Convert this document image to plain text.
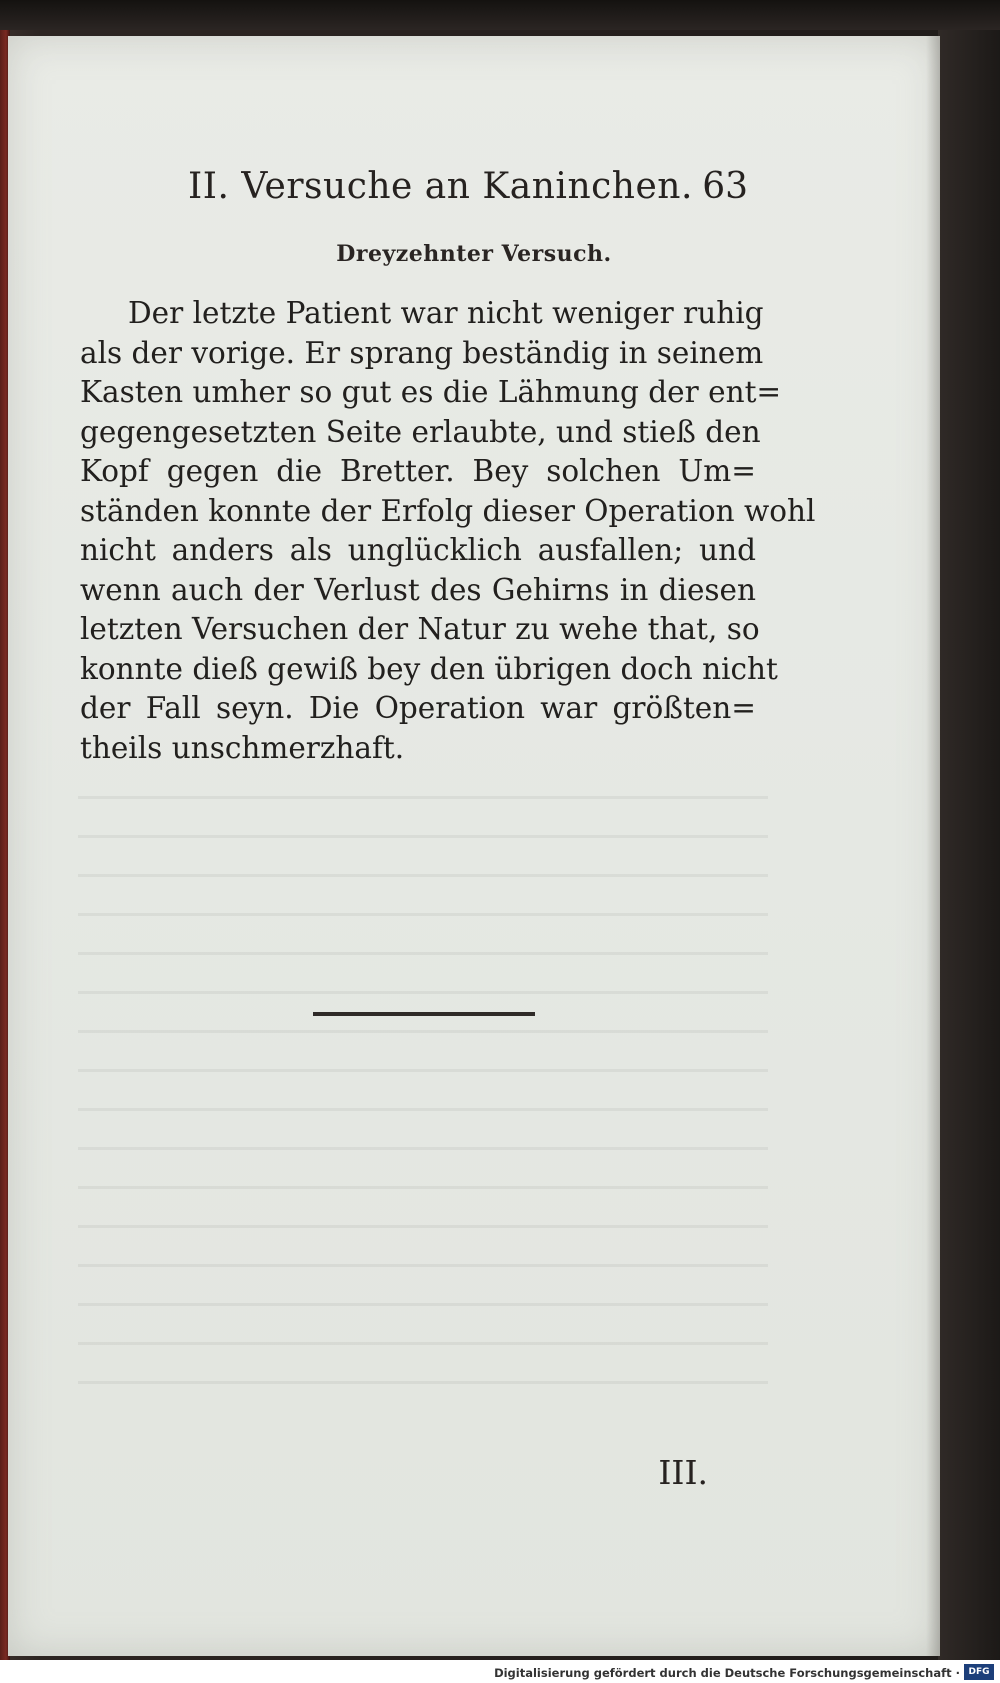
II. Versuche an Kaninchen. 63
Dreyzehnter Versuch.
Der letzte Patient war nicht weniger ruhig
als der vorige. Er sprang beständig in seinem
Kasten umher so gut es die Lähmung der ent=
gegengesetzten Seite erlaubte, und stieß den
Kopf gegen die Bretter. Bey solchen Um=
ständen konnte der Erfolg dieser Operation wohl
nicht anders als unglücklich ausfallen; und
wenn auch der Verlust des Gehirns in diesen
letzten Versuchen der Natur zu wehe that, so
konnte dieß gewiß bey den übrigen doch nicht
der Fall seyn. Die Operation war größten=
theils unschmerzhaft.
III.
Digitalisierung gefördert durch die Deutsche Forschungsgemeinschaft · DFG
